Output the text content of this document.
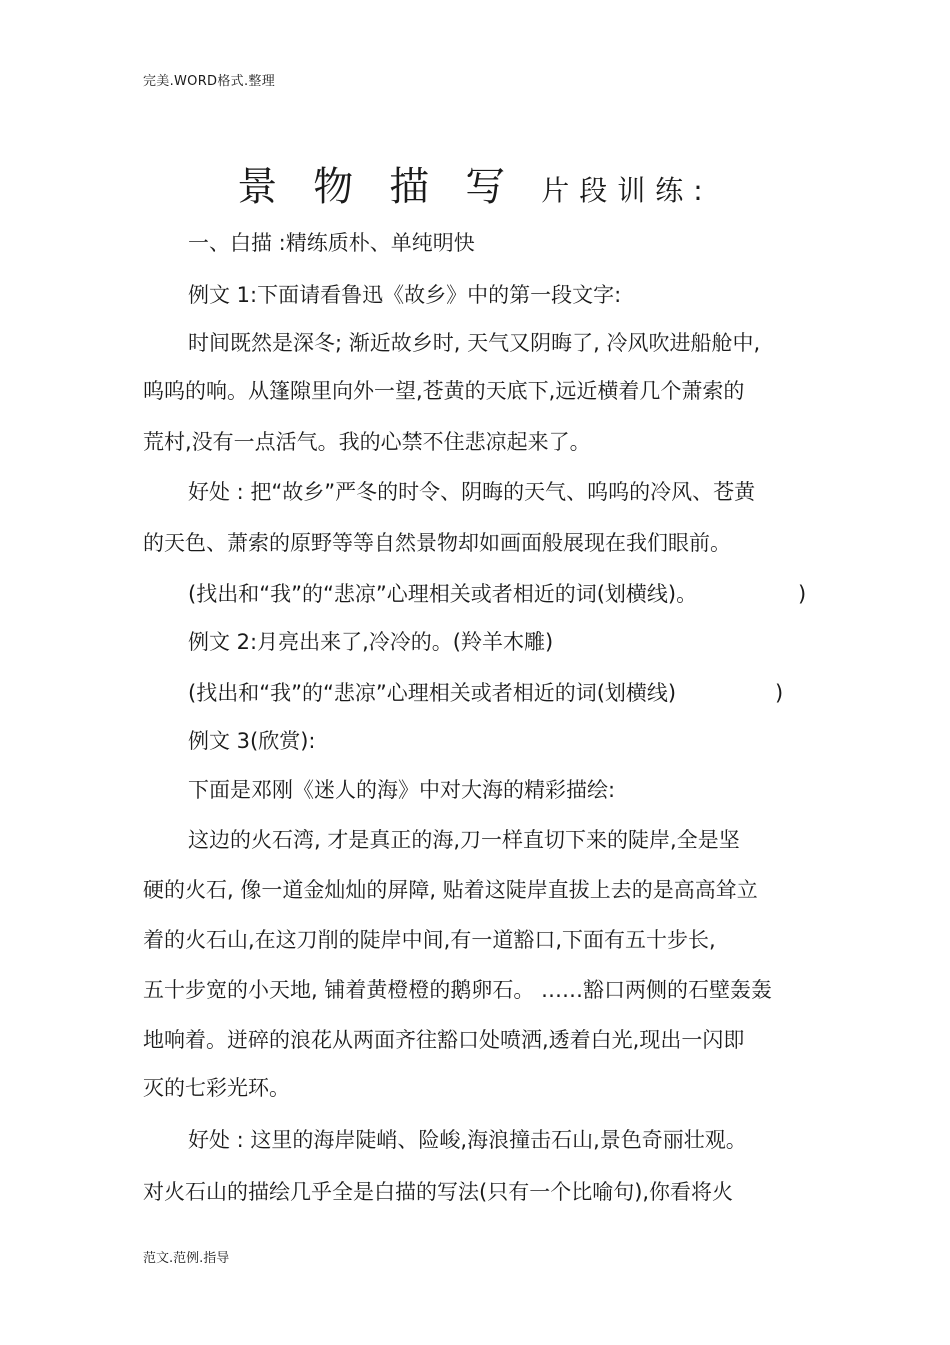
完美.WORD格式.整理
景物描写片段训练:
一、白描 :精练质朴、单纯明快
例文 1:下面请看鲁迅《故乡》中的第一段文字:
时间既然是深冬; 渐近故乡时, 天气又阴晦了, 冷风吹进船舱中,
呜呜的响。从篷隙里向外一望,苍黄的天底下,远近横着几个萧索的
荒村,没有一点活气。我的心禁不住悲凉起来了。
好处 : 把“故乡”严冬的时令、阴晦的天气、呜呜的冷风、苍黄
的天色、萧索的原野等等自然景物却如画面般展现在我们眼前。
(找出和“我”的“悲凉”心理相关或者相近的词(划横线)。	)
例文 2:月亮出来了,冷冷的。(羚羊木雕)
(找出和“我”的“悲凉”心理相关或者相近的词(划横线)	)
例文 3(欣赏):
下面是邓刚《迷人的海》中对大海的精彩描绘:
这边的火石湾, 才是真正的海,刀一样直切下来的陡岸,全是坚
硬的火石, 像一道金灿灿的屏障, 贴着这陡岸直拔上去的是高高耸立
着的火石山,在这刀削的陡岸中间,有一道豁口,下面有五十步长,
五十步宽的小天地, 铺着黄橙橙的鹅卵石。 ……豁口两侧的石壁轰轰
地响着。迸碎的浪花从两面齐往豁口处喷洒,透着白光,现出一闪即
灭的七彩光环。
好处 : 这里的海岸陡峭、险峻,海浪撞击石山,景色奇丽壮观。
对火石山的描绘几乎全是白描的写法(只有一个比喻句),你看将火
范文.范例.指导
